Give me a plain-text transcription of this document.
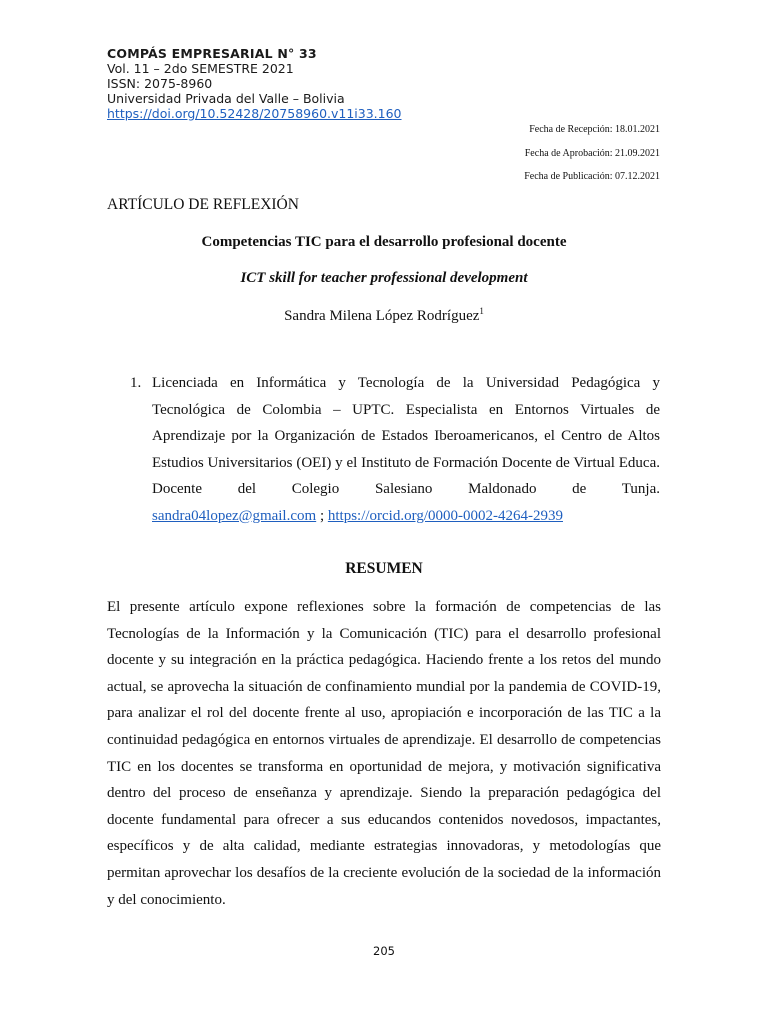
COMPÁS EMPRESARIAL N° 33
Vol. 11 – 2do SEMESTRE 2021
ISSN: 2075-8960
Universidad Privada del Valle – Bolivia
https://doi.org/10.52428/20758960.v11i33.160
Fecha de Recepción: 18.01.2021
Fecha de Aprobación: 21.09.2021
Fecha de Publicación: 07.12.2021
ARTÍCULO DE REFLEXIÓN
Competencias TIC para el desarrollo profesional docente
ICT skill for teacher professional development
Sandra Milena López Rodríguez$^1$
1. Licenciada en Informática y Tecnología de la Universidad Pedagógica y Tecnológica de Colombia – UPTC. Especialista en Entornos Virtuales de Aprendizaje por la Organización de Estados Iberoamericanos, el Centro de Altos Estudios Universitarios (OEI) y el Instituto de Formación Docente de Virtual Educa. Docente del Colegio Salesiano Maldonado de Tunja.
sandra04lopez@gmail.com ; https://orcid.org/0000-0002-4264-2939
RESUMEN
El presente artículo expone reflexiones sobre la formación de competencias de las Tecnologías de la Información y la Comunicación (TIC) para el desarrollo profesional docente y su integración en la práctica pedagógica. Haciendo frente a los retos del mundo actual, se aprovecha la situación de confinamiento mundial por la pandemia de COVID-19, para analizar el rol del docente frente al uso, apropiación e incorporación de las TIC a la continuidad pedagógica en entornos virtuales de aprendizaje. El desarrollo de competencias TIC en los docentes se transforma en oportunidad de mejora, y motivación significativa dentro del proceso de enseñanza y aprendizaje. Siendo la preparación pedagógica del docente fundamental para ofrecer a sus educandos contenidos novedosos, impactantes, específicos y de alta calidad, mediante estrategias innovadoras, y metodologías que permitan aprovechar los desafíos de la creciente evolución de la sociedad de la información y del conocimiento.
205
